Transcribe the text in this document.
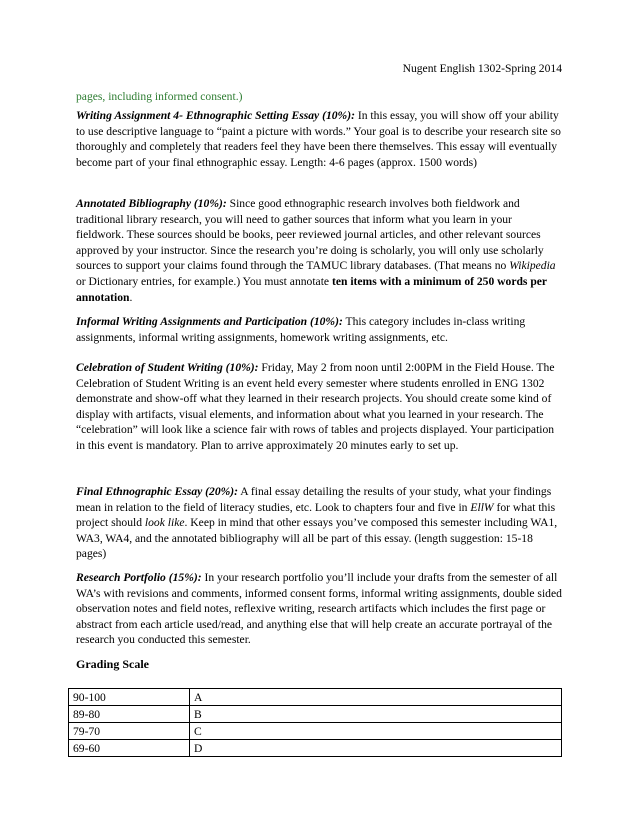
Nugent English 1302-Spring 2014

pages, including informed consent.)

Writing Assignment 4- Ethnographic Setting Essay (10%): In this essay, you will show off your ability to use descriptive language to “paint a picture with words.” Your goal is to describe your research site so thoroughly and completely that readers feel they have been there themselves. This essay will eventually become part of your final ethnographic essay. Length: 4-6 pages (approx. 1500 words)

Annotated Bibliography (10%): Since good ethnographic research involves both fieldwork and traditional library research, you will need to gather sources that inform what you learn in your fieldwork. These sources should be books, peer reviewed journal articles, and other relevant sources approved by your instructor. Since the research you’re doing is scholarly, you will only use scholarly sources to support your claims found through the TAMUC library databases. (That means no Wikipedia or Dictionary entries, for example.) You must annotate ten items with a minimum of 250 words per annotation.

Informal Writing Assignments and Participation (10%): This category includes in-class writing assignments, informal writing assignments, homework writing assignments, etc.

Celebration of Student Writing (10%): Friday, May 2 from noon until 2:00PM in the Field House. The Celebration of Student Writing is an event held every semester where students enrolled in ENG 1302 demonstrate and show-off what they learned in their research projects. You should create some kind of display with artifacts, visual elements, and information about what you learned in your research. The “celebration” will look like a science fair with rows of tables and projects displayed. Your participation in this event is mandatory. Plan to arrive approximately 20 minutes early to set up.

Final Ethnographic Essay (20%): A final essay detailing the results of your study, what your findings mean in relation to the field of literacy studies, etc. Look to chapters four and five in EllW for what this project should look like. Keep in mind that other essays you’ve composed this semester including WA1, WA3, WA4, and the annotated bibliography will all be part of this essay. (length suggestion: 15-18 pages)

Research Portfolio (15%): In your research portfolio you’ll include your drafts from the semester of all WA’s with revisions and comments, informed consent forms, informal writing assignments, double sided observation notes and field notes, reflexive writing, research artifacts which includes the first page or abstract from each article used/read, and anything else that will help create an accurate portrayal of the research you conducted this semester.

Grading Scale
90-100	A
89-80	B
79-70	C
69-60	D
